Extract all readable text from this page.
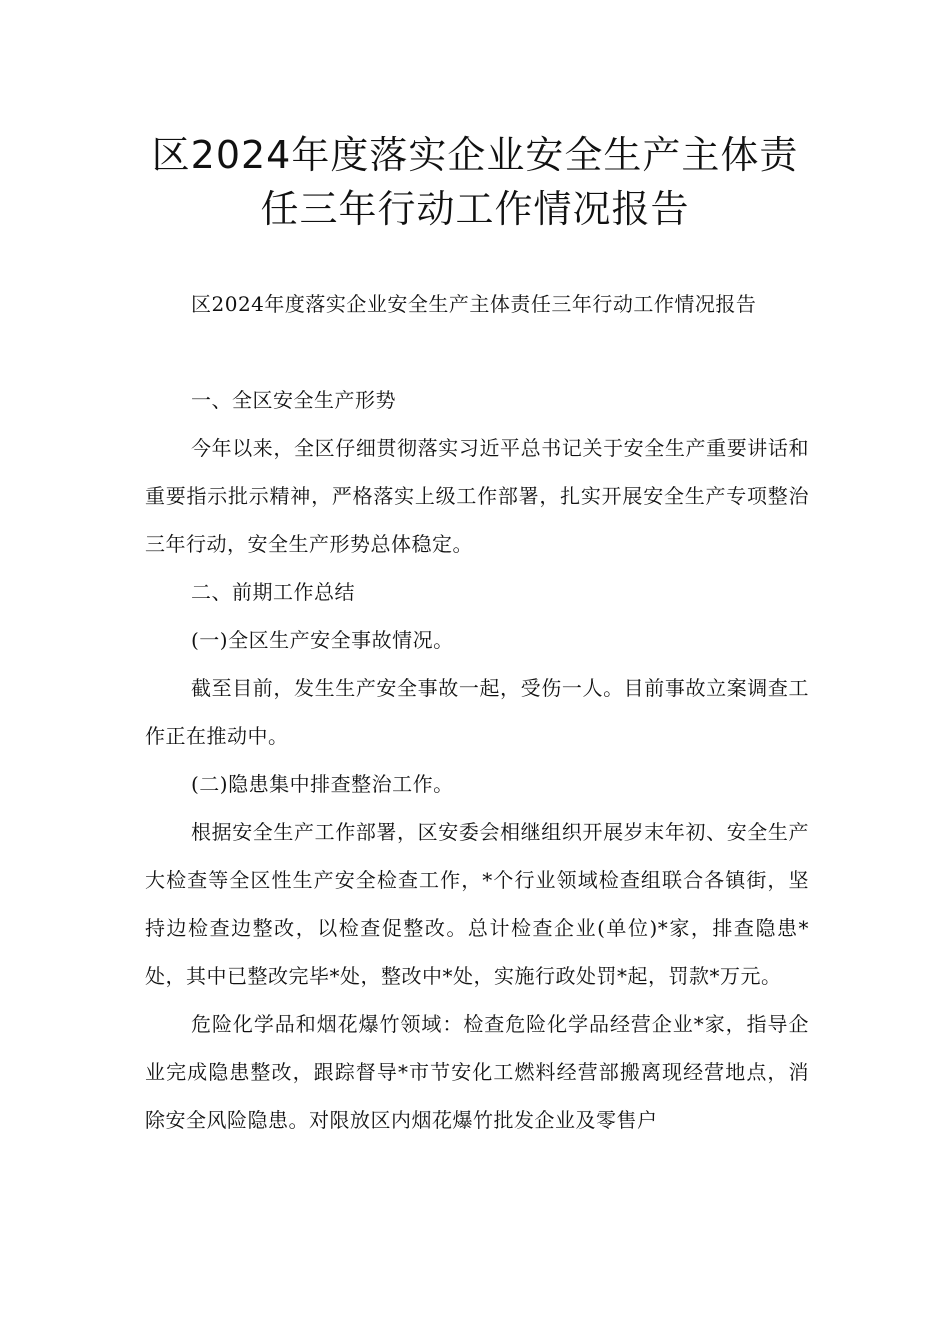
区2024年度落实企业安全生产主体责
任三年行动工作情况报告

区2024年度落实企业安全生产主体责任三年行动工作情况报告

一、全区安全生产形势

今年以来，全区仔细贯彻落实习近平总书记关于安全生产重要讲话和重要指示批示精神，严格落实上级工作部署，扎实开展安全生产专项整治三年行动，安全生产形势总体稳定。

二、前期工作总结

(一)全区生产安全事故情况。

截至目前，发生生产安全事故一起，受伤一人。目前事故立案调查工作正在推动中。

(二)隐患集中排查整治工作。

根据安全生产工作部署，区安委会相继组织开展岁末年初、安全生产大检查等全区性生产安全检查工作，*个行业领域检查组联合各镇街，坚持边检查边整改，以检查促整改。总计检查企业(单位)*家，排查隐患*处，其中已整改完毕*处，整改中*处，实施行政处罚*起，罚款*万元。

危险化学品和烟花爆竹领域：检查危险化学品经营企业*家，指导企业完成隐患整改，跟踪督导*市节安化工燃料经营部搬离现经营地点，消除安全风险隐患。对限放区内烟花爆竹批发企业及零售户
